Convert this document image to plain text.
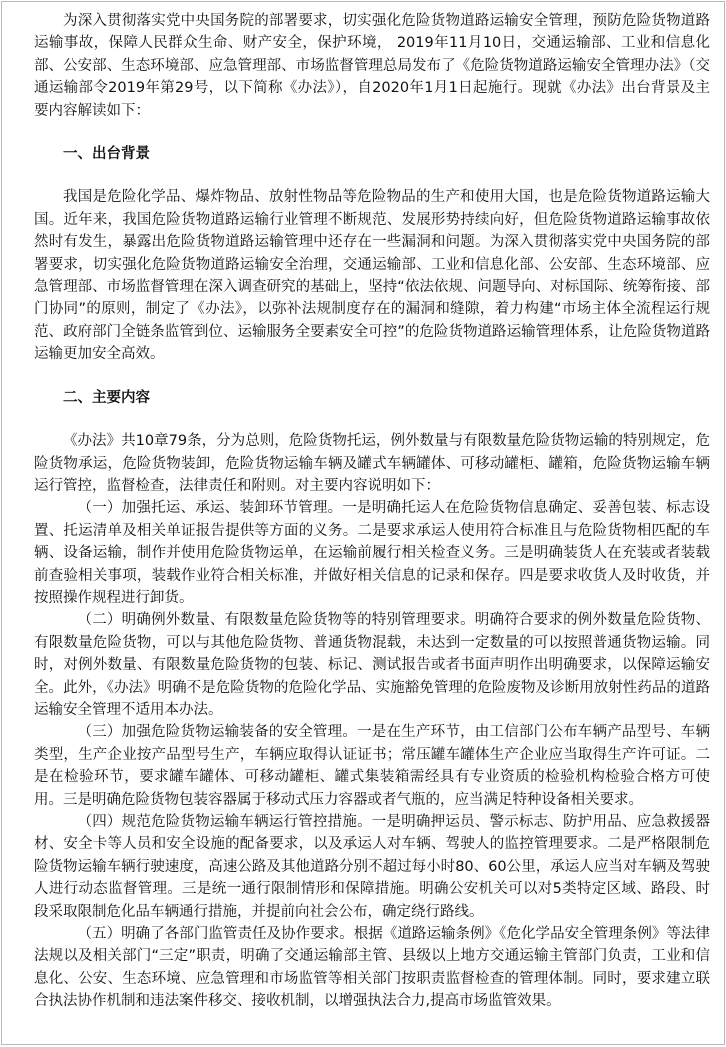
为深入贯彻落实党中央国务院的部署要求，切实强化危险货物道路运输安全管理，预防危险货物道路运输事故，保障人民群众生命、财产安全，保护环境， 2019年11月10日，交通运输部、工业和信息化部、公安部、生态环境部、应急管理部、市场监督管理总局发布了《危险货物道路运输安全管理办法》（交通运输部令2019年第29号，以下简称《办法》），自2020年1月1日起施行。现就《办法》出台背景及主要内容解读如下：

一、出台背景

我国是危险化学品、爆炸物品、放射性物品等危险物品的生产和使用大国，也是危险货物道路运输大国。近年来，我国危险货物道路运输行业管理不断规范、发展形势持续向好，但危险货物道路运输事故依然时有发生，暴露出危险货物道路运输管理中还存在一些漏洞和问题。为深入贯彻落实党中央国务院的部署要求，切实强化危险货物道路运输安全治理，交通运输部、工业和信息化部、公安部、生态环境部、应急管理部、市场监督管理在深入调查研究的基础上，坚持“依法依规、问题导向、对标国际、统筹衔接、部门协同”的原则，制定了《办法》，以弥补法规制度存在的漏洞和缝隙，着力构建“市场主体全流程运行规范、政府部门全链条监管到位、运输服务全要素安全可控”的危险货物道路运输管理体系，让危险货物道路运输更加安全高效。

二、主要内容

《办法》共10章79条，分为总则，危险货物托运，例外数量与有限数量危险货物运输的特别规定，危险货物承运，危险货物装卸，危险货物运输车辆及罐式车辆罐体、可移动罐柜、罐箱，危险货物运输车辆运行管控，监督检查，法律责任和附则。对主要内容说明如下：

（一）加强托运、承运、装卸环节管理。一是明确托运人在危险货物信息确定、妥善包装、标志设置、托运清单及相关单证报告提供等方面的义务。二是要求承运人使用符合标准且与危险货物相匹配的车辆、设备运输，制作并使用危险货物运单，在运输前履行相关检查义务。三是明确装货人在充装或者装载前查验相关事项，装载作业符合相关标准，并做好相关信息的记录和保存。四是要求收货人及时收货，并按照操作规程进行卸货。

（二）明确例外数量、有限数量危险货物等的特别管理要求。明确符合要求的例外数量危险货物、有限数量危险货物，可以与其他危险货物、普通货物混载，未达到一定数量的可以按照普通货物运输。同时，对例外数量、有限数量危险货物的包装、标记、测试报告或者书面声明作出明确要求，以保障运输安全。此外，《办法》明确不是危险货物的危险化学品、实施豁免管理的危险废物及诊断用放射性药品的道路运输安全管理不适用本办法。

（三）加强危险货物运输装备的安全管理。一是在生产环节，由工信部门公布车辆产品型号、车辆类型，生产企业按产品型号生产，车辆应取得认证证书；常压罐车罐体生产企业应当取得生产许可证。二是在检验环节，要求罐车罐体、可移动罐柜、罐式集装箱需经具有专业资质的检验机构检验合格方可使用。三是明确危险货物包装容器属于移动式压力容器或者气瓶的，应当满足特种设备相关要求。

（四）规范危险货物运输车辆运行管控措施。一是明确押运员、警示标志、防护用品、应急救援器材、安全卡等人员和安全设施的配备要求，以及承运人对车辆、驾驶人的监控管理要求。二是严格限制危险货物运输车辆行驶速度，高速公路及其他道路分别不超过每小时80、60公里，承运人应当对车辆及驾驶人进行动态监督管理。三是统一通行限制情形和保障措施。明确公安机关可以对5类特定区域、路段、时段采取限制危化品车辆通行措施，并提前向社会公布，确定绕行路线。

（五）明确了各部门监管责任及协作要求。根据《道路运输条例》《危化学品安全管理条例》等法律法规以及相关部门“三定”职责，明确了交通运输部主管、县级以上地方交通运输主管部门负责，工业和信息化、公安、生态环境、应急管理和市场监管等相关部门按职责监督检查的管理体制。同时，要求建立联合执法协作机制和违法案件移交、接收机制，以增强执法合力,提高市场监管效果。
